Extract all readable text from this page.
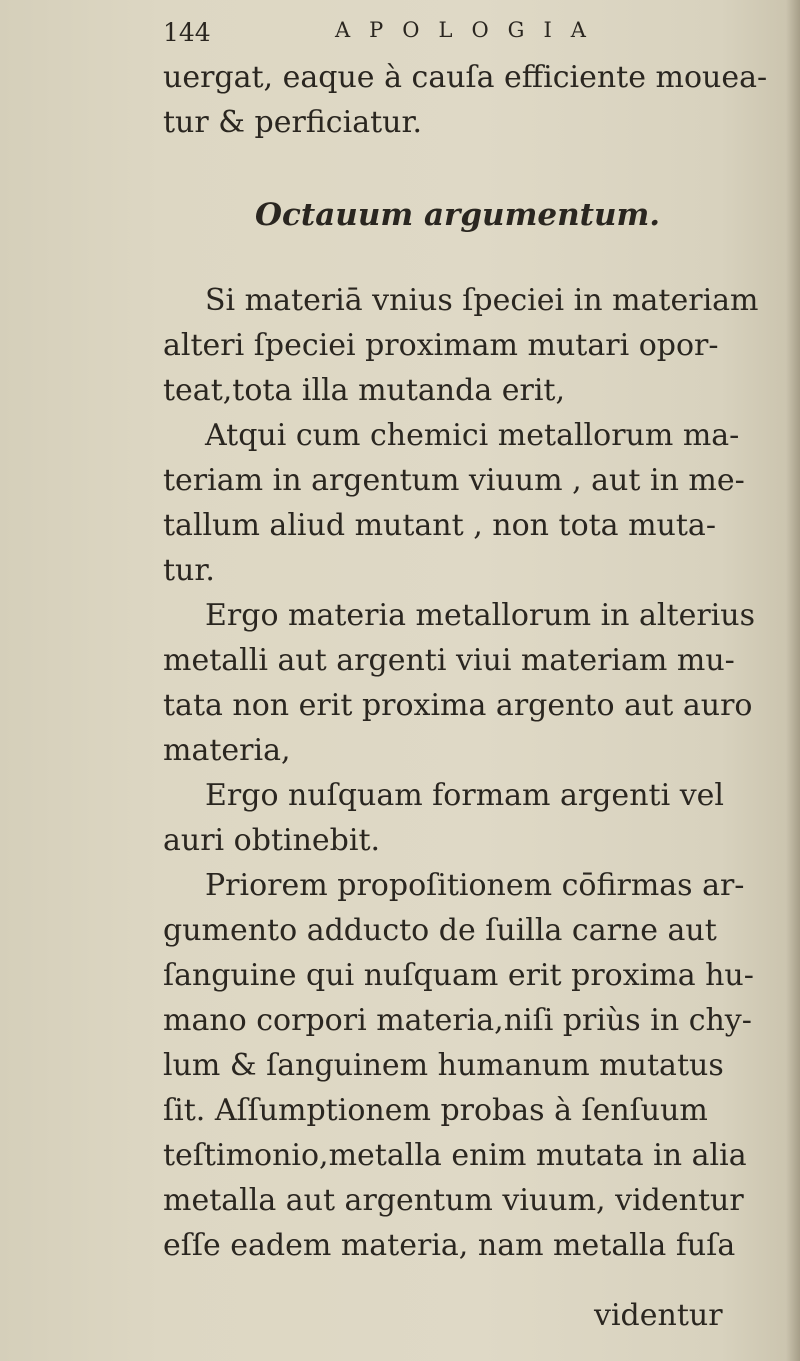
144	APOLOGIA
uergat, eaque à cauſa efficiente moueа-
tur & perficiatur.
Octauum argumentum.
Si materiā vnius ſpeciei in materiam
alteri ſpeciei proximam mutari opor-
teat,tota illa mutanda erit,
Atqui cum chemici metallorum ma-
teriam in argentum viuum , aut in me-
tallum aliud mutant , non tota muta-
tur.
Ergo materia metallorum in alterius
metalli aut argenti viui materiam mu-
tata non erit proxima argento aut auro
materia,
Ergo nuſquam formam argenti vel
auri obtinebit.
Priorem propoſitionem cōfirmas ar-
gumento adducto de ſuilla carne aut
ſanguine qui nuſquam erit proxima hu-
mano corpori materia,niſi priùs in chy-
lum & ſanguinem humanum mutatus
ſit. Aſſumptionem probas à ſenſuum
teſtimonio,metalla enim mutata in alia
metalla aut argentum viuum, videntur
eſſe eadem materia, nam metalla fuſa
videntur
